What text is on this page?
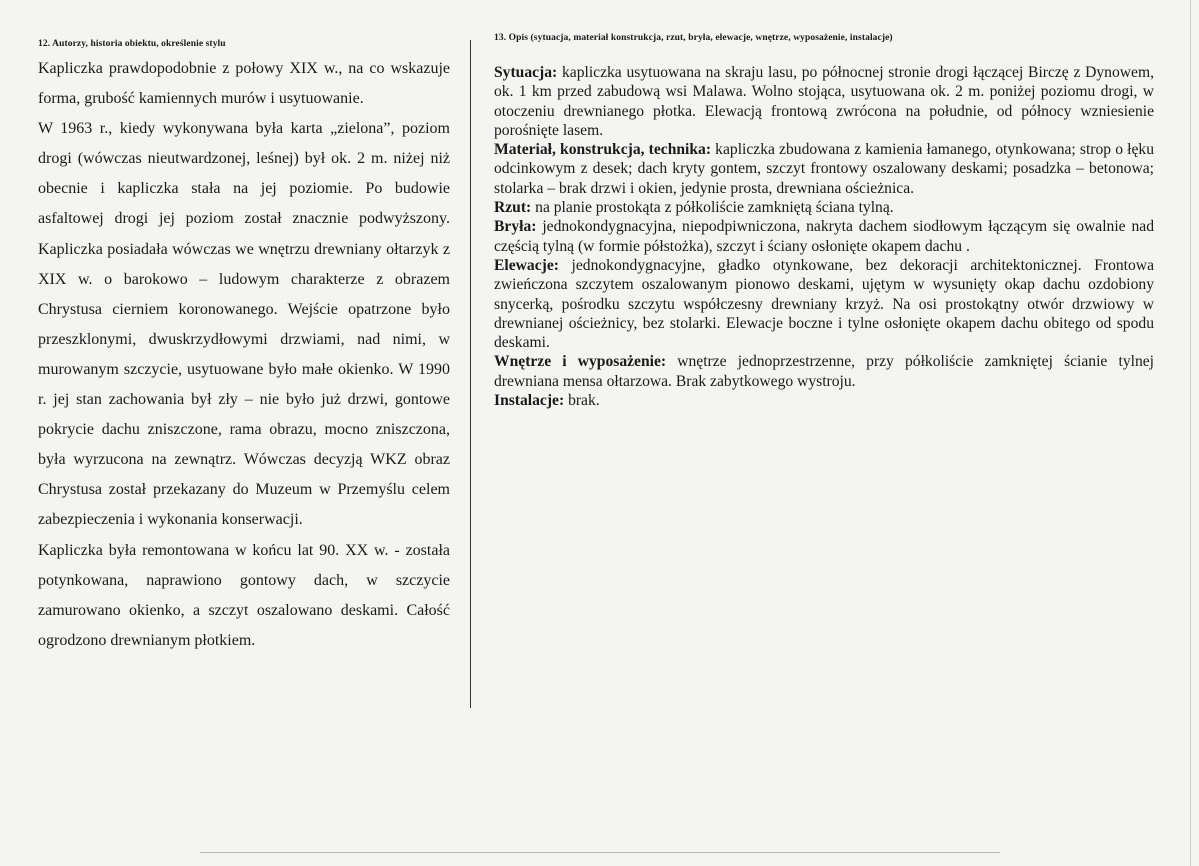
12. Autorzy, historia obiektu, określenie stylu

Kapliczka prawdopodobnie z połowy XIX w., na co wskazuje forma, grubość kamiennych murów i usytuowanie.

W 1963 r., kiedy wykonywana była karta „zielona”, poziom drogi (wówczas nieutwardzonej, leśnej) był ok. 2 m. niżej niż obecnie i kapliczka stała na jej poziomie. Po budowie asfaltowej drogi jej poziom został znacznie podwyższony. Kapliczka posiadała wówczas we wnętrzu drewniany ołtarzyk z XIX w. o barokowo – ludowym charakterze z obrazem Chrystusa cierniem koronowanego. Wejście opatrzone było przeszklonymi, dwuskrzydłowymi drzwiami, nad nimi, w murowanym szczycie, usytuowane było małe okienko. W 1990 r. jej stan zachowania był zły – nie było już drzwi, gontowe pokrycie dachu zniszczone, rama obrazu, mocno zniszczona, była wyrzucona na zewnątrz. Wówczas decyzją WKZ obraz Chrystusa został przekazany do Muzeum w Przemyślu celem zabezpieczenia i wykonania konserwacji.

Kapliczka była remontowana w końcu lat 90. XX w. - została potynkowana, naprawiono gontowy dach, w szczycie zamurowano okienko, a szczyt oszalowano deskami. Całość ogrodzono drewnianym płotkiem.

13. Opis (sytuacja, materiał konstrukcja, rzut, bryła, elewacje, wnętrze, wyposażenie, instalacje)

Sytuacja: kapliczka usytuowana na skraju lasu, po północnej stronie drogi łączącej Birczę z Dynowem, ok. 1 km przed zabudową wsi Malawa. Wolno stojąca, usytuowana ok. 2 m. poniżej poziomu drogi, w otoczeniu drewnianego płotka. Elewacją frontową zwrócona na południe, od północy wzniesienie porośnięte lasem.

Materiał, konstrukcja, technika: kapliczka zbudowana z kamienia łamanego, otynkowana; strop o łęku odcinkowym z desek; dach kryty gontem, szczyt frontowy oszalowany deskami; posadzka – betonowa; stolarka – brak drzwi i okien, jedynie prosta, drewniana ościeżnica.

Rzut: na planie prostokąta z półkoliście zamkniętą ściana tylną.

Bryła: jednokondygnacyjna, niepodpiwniczona, nakryta dachem siodłowym łączącym się owalnie nad częścią tylną (w formie półstożka), szczyt i ściany osłonięte okapem dachu .

Elewacje: jednokondygnacyjne, gładko otynkowane, bez dekoracji architektonicznej. Frontowa zwieńczona szczytem oszalowanym pionowo deskami, ujętym w wysunięty okap dachu ozdobiony snycerką, pośrodku szczytu współczesny drewniany krzyż. Na osi prostokątny otwór drzwiowy w drewnianej ościeżnicy, bez stolarki. Elewacje boczne i tylne osłonięte okapem dachu obitego od spodu deskami.

Wnętrze i wyposażenie: wnętrze jednoprzestrzenne, przy półkoliście zamkniętej ścianie tylnej drewniana mensa ołtarzowa. Brak zabytkowego wystroju.

Instalacje: brak.
